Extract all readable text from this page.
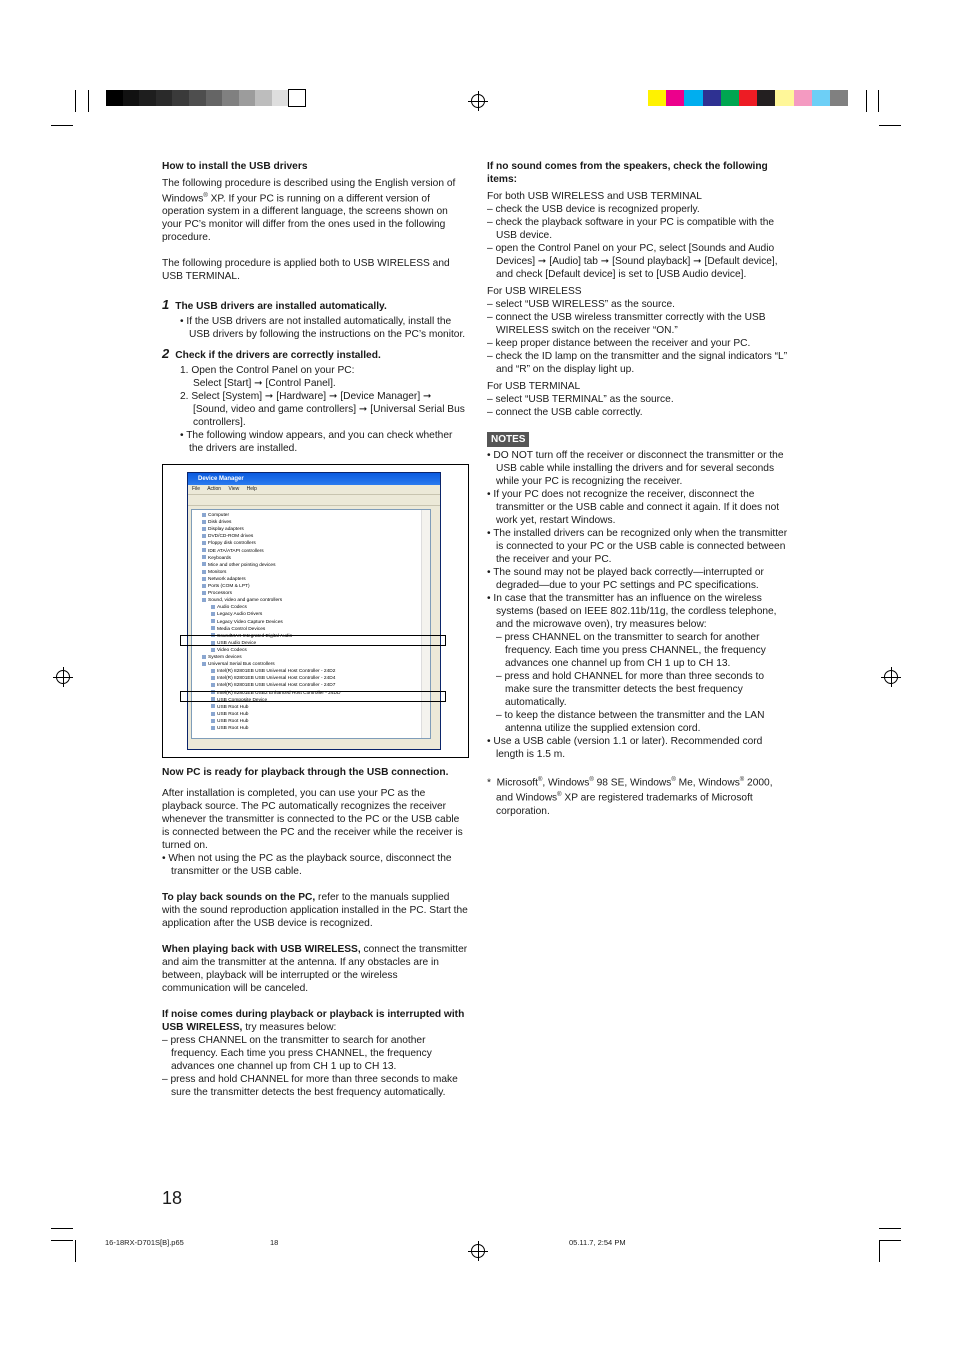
How to install the USB drivers

The following procedure is described using the English version of Windows® XP. If your PC is running on a different version of operation system in a different language, the screens shown on your PC’s monitor will differ from the ones used in the following procedure.

The following procedure is applied both to USB WIRELESS and USB TERMINAL.

1 The USB drivers are installed automatically.

• If the USB drivers are not installed automatically, install the USB drivers by following the instructions on the PC’s monitor.

2 Check if the drivers are correctly installed.

1. Open the Control Panel on your PC:

Select [Start] ➞ [Control Panel].

2. Select [System] ➞ [Hardware] ➞ [Device Manager] ➞ [Sound, video and game controllers] ➞ [Universal Serial Bus controllers].

• The following window appears, and you can check whether the drivers are installed.

Device Manager
File Action View Help
Computer
Disk drives
Display adapters
DVD/CD-ROM drives
Floppy disk controllers
IDE ATA/ATAPI controllers
Keyboards
Mice and other pointing devices
Monitors
Network adapters
Ports (COM & LPT)
Processors
Sound, video and game controllers
Audio Codecs
Legacy Audio Drivers
Legacy Video Capture Devices
Media Control Devices
SoundMAX Integrated Digital Audio
USB Audio Device
Video Codecs
System devices
Universal Serial Bus controllers
Intel(R) 82801EB USB Universal Host Controller - 24D2
Intel(R) 82801EB USB Universal Host Controller - 24D4
Intel(R) 82801EB USB Universal Host Controller - 24D7
Intel(R) 82801EB USB2 Enhanced Host Controller - 24DD
USB Composite Device
USB Root Hub
USB Root Hub
USB Root Hub
USB Root Hub

Now PC is ready for playback through the USB connection.

After installation is completed, you can use your PC as the playback source. The PC automatically recognizes the receiver whenever the transmitter is connected to the PC or the USB cable is connected between the PC and the receiver while the receiver is turned on.

• When not using the PC as the playback source, disconnect the transmitter or the USB cable.

To play back sounds on the PC, refer to the manuals supplied with the sound reproduction application installed in the PC. Start the application after the USB device is recognized.

When playing back with USB WIRELESS, connect the transmitter and aim the transmitter at the antenna. If any obstacles are in between, playback will be interrupted or the wireless communication will be canceled.

If noise comes during playback or playback is interrupted with USB WIRELESS, try measures below:

– press CHANNEL on the transmitter to search for another frequency. Each time you press CHANNEL, the frequency advances one channel up from CH 1 up to CH 13.

– press and hold CHANNEL for more than three seconds to make sure the transmitter detects the best frequency automatically.

If no sound comes from the speakers, check the following items:

For both USB WIRELESS and USB TERMINAL

– check the USB device is recognized properly.

– check the playback software in your PC is compatible with the USB device.

– open the Control Panel on your PC, select [Sounds and Audio Devices] ➞ [Audio] tab ➞ [Sound playback] ➞ [Default device], and check [Default device] is set to [USB Audio device].

For USB WIRELESS

– select “USB WIRELESS” as the source.

– connect the USB wireless transmitter correctly with the USB WIRELESS switch on the receiver “ON.”

– keep proper distance between the receiver and your PC.

– check the ID lamp on the transmitter and the signal indicators “L” and “R” on the display light up.

For USB TERMINAL

– select “USB TERMINAL” as the source.

– connect the USB cable correctly.

NOTES

• DO NOT turn off the receiver or disconnect the transmitter or the USB cable while installing the drivers and for several seconds while your PC is recognizing the receiver.

• If your PC does not recognize the receiver, disconnect the transmitter or the USB cable and connect it again. If it does not work yet, restart Windows.

• The installed drivers can be recognized only when the transmitter is connected to your PC or the USB cable is connected between the receiver and your PC.

• The sound may not be played back correctly—interrupted or degraded—due to your PC settings and PC specifications.

• In case that the transmitter has an influence on the wireless systems (based on IEEE 802.11b/11g, the cordless telephone, and the microwave oven), try measures below:

– press CHANNEL on the transmitter to search for another frequency. Each time you press CHANNEL, the frequency advances one channel up from CH 1 up to CH 13.

– press and hold CHANNEL for more than three seconds to make sure the transmitter detects the best frequency automatically.

– to keep the distance between the transmitter and the LAN antenna utilize the supplied extension cord.

• Use a USB cable (version 1.1 or later). Recommended cord length is 1.5 m.

* Microsoft®, Windows® 98 SE, Windows® Me, Windows® 2000, and Windows® XP are registered trademarks of Microsoft corporation.

18
16-18RX-D701S[B].p65	18	05.11.7, 2:54 PM
